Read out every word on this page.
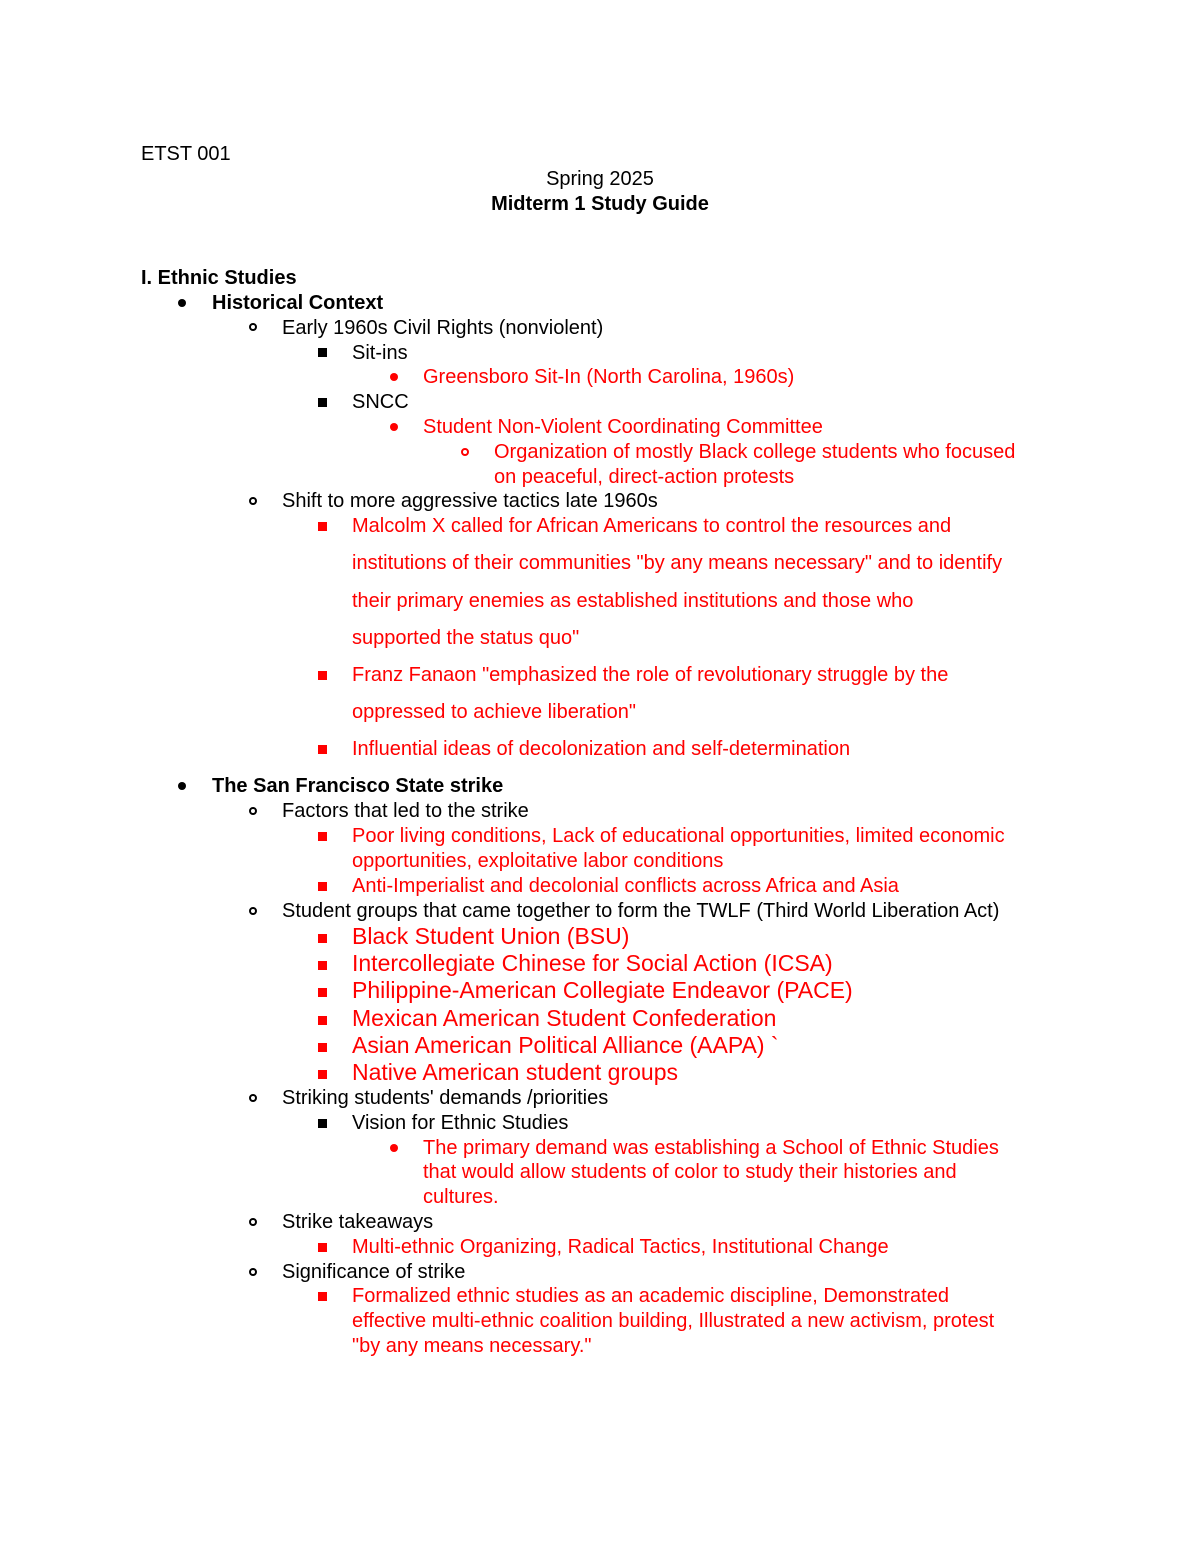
ETST 001
Spring 2025
Midterm 1 Study Guide
I. Ethnic Studies
Historical Context
Early 1960s Civil Rights (nonviolent)
Sit-ins
Greensboro Sit-In (North Carolina, 1960s)
SNCC
Student Non-Violent Coordinating Committee
Organization of mostly Black college students who focused
on peaceful, direct-action protests
Shift to more aggressive tactics late 1960s
Malcolm X called for African Americans to control the resources and
institutions of their communities "by any means necessary" and to identify
their primary enemies as established institutions and those who
supported the status quo"
Franz Fanaon "emphasized the role of revolutionary struggle by the
oppressed to achieve liberation"
Influential ideas of decolonization and self-determination
The San Francisco State strike
Factors that led to the strike
Poor living conditions, Lack of educational opportunities, limited economic
opportunities, exploitative labor conditions
Anti-Imperialist and decolonial conflicts across Africa and Asia
Student groups that came together to form the TWLF (Third World Liberation Act)
Black Student Union (BSU)
Intercollegiate Chinese for Social Action (ICSA)
Philippine-American Collegiate Endeavor (PACE)
Mexican American Student Confederation
Asian American Political Alliance (AAPA) `
Native American student groups
Striking students' demands /priorities
Vision for Ethnic Studies
The primary demand was establishing a School of Ethnic Studies
that would allow students of color to study their histories and
cultures.
Strike takeaways
Multi-ethnic Organizing, Radical Tactics, Institutional Change
Significance of strike
Formalized ethnic studies as an academic discipline, Demonstrated
effective multi-ethnic coalition building, Illustrated a new activism, protest
"by any means necessary."
